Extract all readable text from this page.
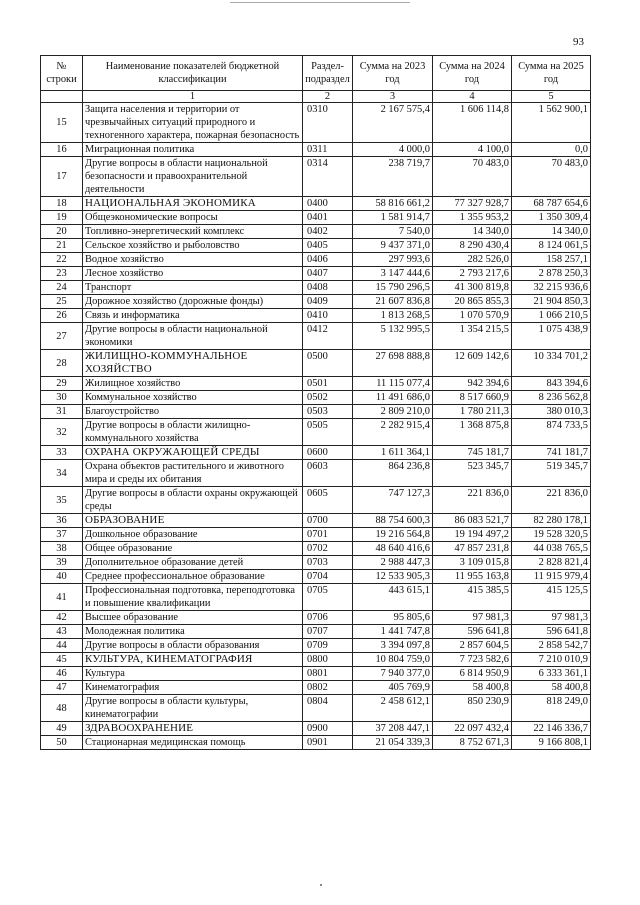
93
№ строки	Наименование показателей бюджетной классификации	Раздел-подраздел	Сумма на 2023 год	Сумма на 2024 год	Сумма на 2025 год
	1	2	3	4	5
15	Защита населения и территории от чрезвычайных ситуаций природного и техногенного характера, пожарная безопасность	0310	2 167 575,4	1 606 114,8	1 562 900,1
16	Миграционная политика	0311	4 000,0	4 100,0	0,0
17	Другие вопросы в области национальной безопасности и правоохранительной деятельности	0314	238 719,7	70 483,0	70 483,0
18	НАЦИОНАЛЬНАЯ ЭКОНОМИКА	0400	58 816 661,2	77 327 928,7	68 787 654,6
19	Общеэкономические вопросы	0401	1 581 914,7	1 355 953,2	1 350 309,4
20	Топливно-энергетический комплекс	0402	7 540,0	14 340,0	14 340,0
21	Сельское хозяйство и рыболовство	0405	9 437 371,0	8 290 430,4	8 124 061,5
22	Водное хозяйство	0406	297 993,6	282 526,0	158 257,1
23	Лесное хозяйство	0407	3 147 444,6	2 793 217,6	2 878 250,3
24	Транспорт	0408	15 790 296,5	41 300 819,8	32 215 936,6
25	Дорожное хозяйство (дорожные фонды)	0409	21 607 836,8	20 865 855,3	21 904 850,3
26	Связь и информатика	0410	1 813 268,5	1 070 570,9	1 066 210,5
27	Другие вопросы в области национальной экономики	0412	5 132 995,5	1 354 215,5	1 075 438,9
28	ЖИЛИЩНО-КОММУНАЛЬНОЕ ХОЗЯЙСТВО	0500	27 698 888,8	12 609 142,6	10 334 701,2
29	Жилищное хозяйство	0501	11 115 077,4	942 394,6	843 394,6
30	Коммунальное хозяйство	0502	11 491 686,0	8 517 660,9	8 236 562,8
31	Благоустройство	0503	2 809 210,0	1 780 211,3	380 010,3
32	Другие вопросы в области жилищно-коммунального хозяйства	0505	2 282 915,4	1 368 875,8	874 733,5
33	ОХРАНА ОКРУЖАЮЩЕЙ СРЕДЫ	0600	1 611 364,1	745 181,7	741 181,7
34	Охрана объектов растительного и животного мира и среды их обитания	0603	864 236,8	523 345,7	519 345,7
35	Другие вопросы в области охраны окружающей среды	0605	747 127,3	221 836,0	221 836,0
36	ОБРАЗОВАНИЕ	0700	88 754 600,3	86 083 521,7	82 280 178,1
37	Дошкольное образование	0701	19 216 564,8	19 194 497,2	19 528 320,5
38	Общее образование	0702	48 640 416,6	47 857 231,8	44 038 765,5
39	Дополнительное образование детей	0703	2 988 447,3	3 109 015,8	2 828 821,4
40	Среднее профессиональное образование	0704	12 533 905,3	11 955 163,8	11 915 979,4
41	Профессиональная подготовка, переподготовка и повышение квалификации	0705	443 615,1	415 385,5	415 125,5
42	Высшее образование	0706	95 805,6	97 981,3	97 981,3
43	Молодежная политика	0707	1 441 747,8	596 641,8	596 641,8
44	Другие вопросы в области образования	0709	3 394 097,8	2 857 604,5	2 858 542,7
45	КУЛЬТУРА, КИНЕМАТОГРАФИЯ	0800	10 804 759,0	7 723 582,6	7 210 010,9
46	Культура	0801	7 940 377,0	6 814 950,9	6 333 361,1
47	Кинематография	0802	405 769,9	58 400,8	58 400,8
48	Другие вопросы в области культуры, кинематографии	0804	2 458 612,1	850 230,9	818 249,0
49	ЗДРАВООХРАНЕНИЕ	0900	37 208 447,1	22 097 432,4	22 146 336,7
50	Стационарная медицинская помощь	0901	21 054 339,3	8 752 671,3	9 166 808,1
